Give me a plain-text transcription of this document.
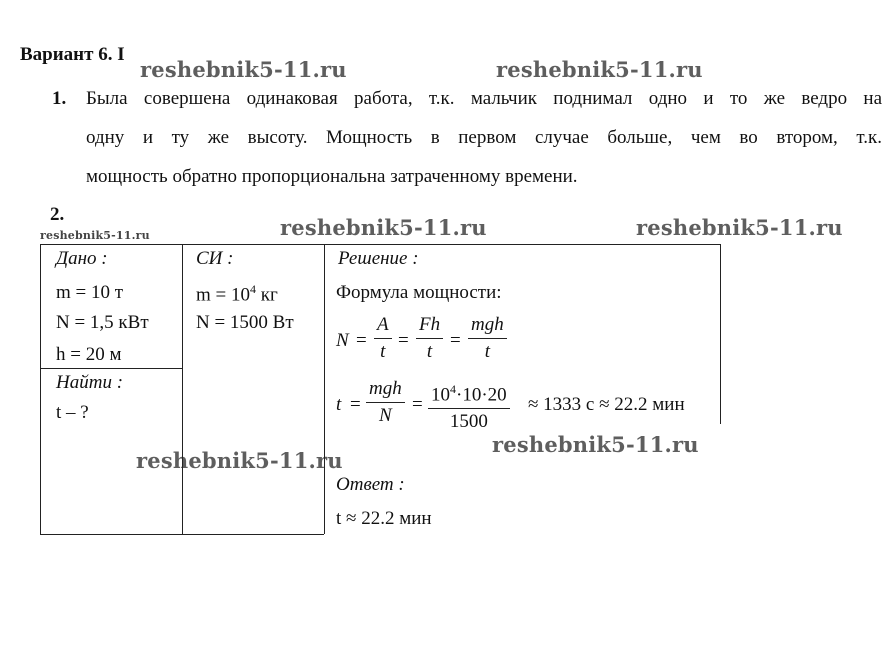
Вариант 6. I
reshebnik5-11.ru	reshebnik5-11.ru
reshebnik5-11.ru	reshebnik5-11.ru
reshebnik5-11.ru
reshebnik5-11.ru
reshebnik5-11.ru
1. Была совершена одинаковая работа, т.к. мальчик поднимал одно и то же ведро на
одну и ту же высоту. Мощность в первом случае больше, чем во втором, т.к.
мощность обратно пропорциональна затраченному времени.
2.
Дано :
m = 10 т
N = 1,5 кВт
h = 20 м
Найти :
t – ?
СИ :
$m = 10^4$ кг
N = 1500 Вт
Решение :
Формула мощности:
$N = \frac{A}{t} = \frac{Fh}{t}$ =
mgh
t
t =
mgh
N
= $\frac{10^4\cdot 10\cdot 20}{1500} \approx 1333$ с ≈ 22.2 мин
Ответ :
t ≈ 22.2 мин
